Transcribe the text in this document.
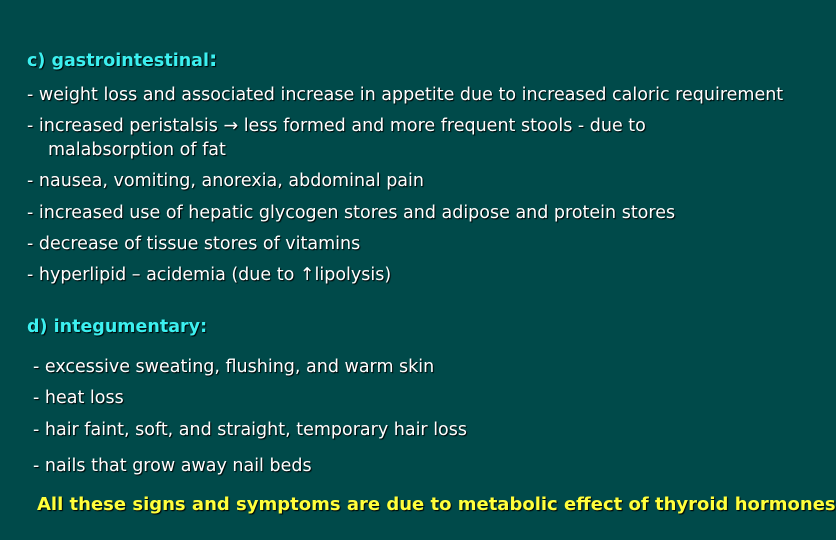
c) gastrointestinal:
- weight loss and associated increase in appetite due to increased caloric requirement
- increased peristalsis → less formed and more frequent stools - due to
malabsorption of fat
- nausea, vomiting, anorexia, abdominal pain
- increased use of hepatic glycogen stores and adipose and protein stores
- decrease of tissue stores of vitamins
- hyperlipid – acidemia (due to ↑lipolysis)
d) integumentary:
- excessive sweating, flushing, and warm skin
- heat loss
- hair faint, soft, and straight, temporary hair loss
- nails that grow away nail beds
All these signs and symptoms are due to metabolic effect of thyroid hormones
